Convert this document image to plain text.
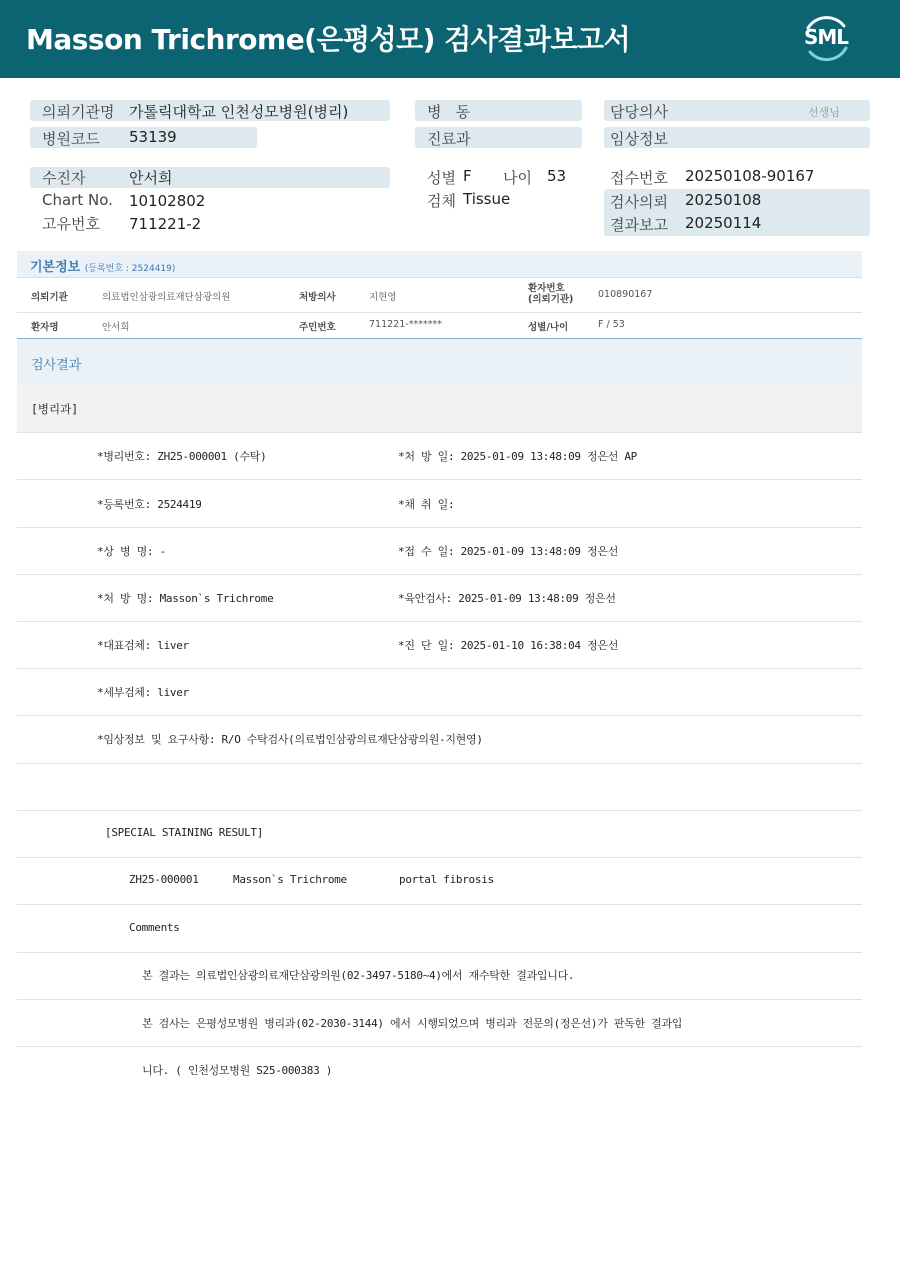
Masson Trichrome(은평성모) 검사결과보고서	SML
의뢰기관명 가톨릭대학교 인천성모병원(병리)
병원코드 53139
병   동
진료과
담당의사	선생님
임상정보
수진자	안서희
Chart No. 10102802
고유번호 711221-2
성별 F 나이 53
검체 Tissue
접수번호 20250108-90167
검사의뢰 20250108
결과보고 20250114
기본정보 (등록번호 : 2524419)
의뢰기관	의료법인삼광의료재단삼광의원	처방의사	지현영
환자번호
(의뢰기관)	010890167
환자명	안서희	주민번호	711221-*******	성별/나이	F / 53
검사결과
[병리과]
*병리번호: ZH25-000001 (수탁)	*처 방 일: 2025-01-09 13:48:09 정은선 AP
*등록번호: 2524419	*채 취 일:
*상 병 명: -	*접 수 일: 2025-01-09 13:48:09 정은선
*처 방 명: Masson`s Trichrome	*육안검사: 2025-01-09 13:48:09 정은선
*대표검체: liver	*진 단 일: 2025-01-10 16:38:04 정은선
*세부검체: liver
*임상정보 및 요구사항: R/O 수탁검사(의료법인삼광의료재단삼광의원-지현영)
[SPECIAL STAINING RESULT]
ZH25-000001	Masson`s Trichrome	portal fibrosis
Comments
본 결과는 의료법인삼광의료재단삼광의원(02-3497-5180~4)에서 재수탁한 결과입니다.
본 검사는 은평성모병원 병리과(02-2030-3144) 에서 시행되었으며 병리과 전문의(정은선)가 판독한 결과입
니다. ( 인천성모병원 S25-000383 )
